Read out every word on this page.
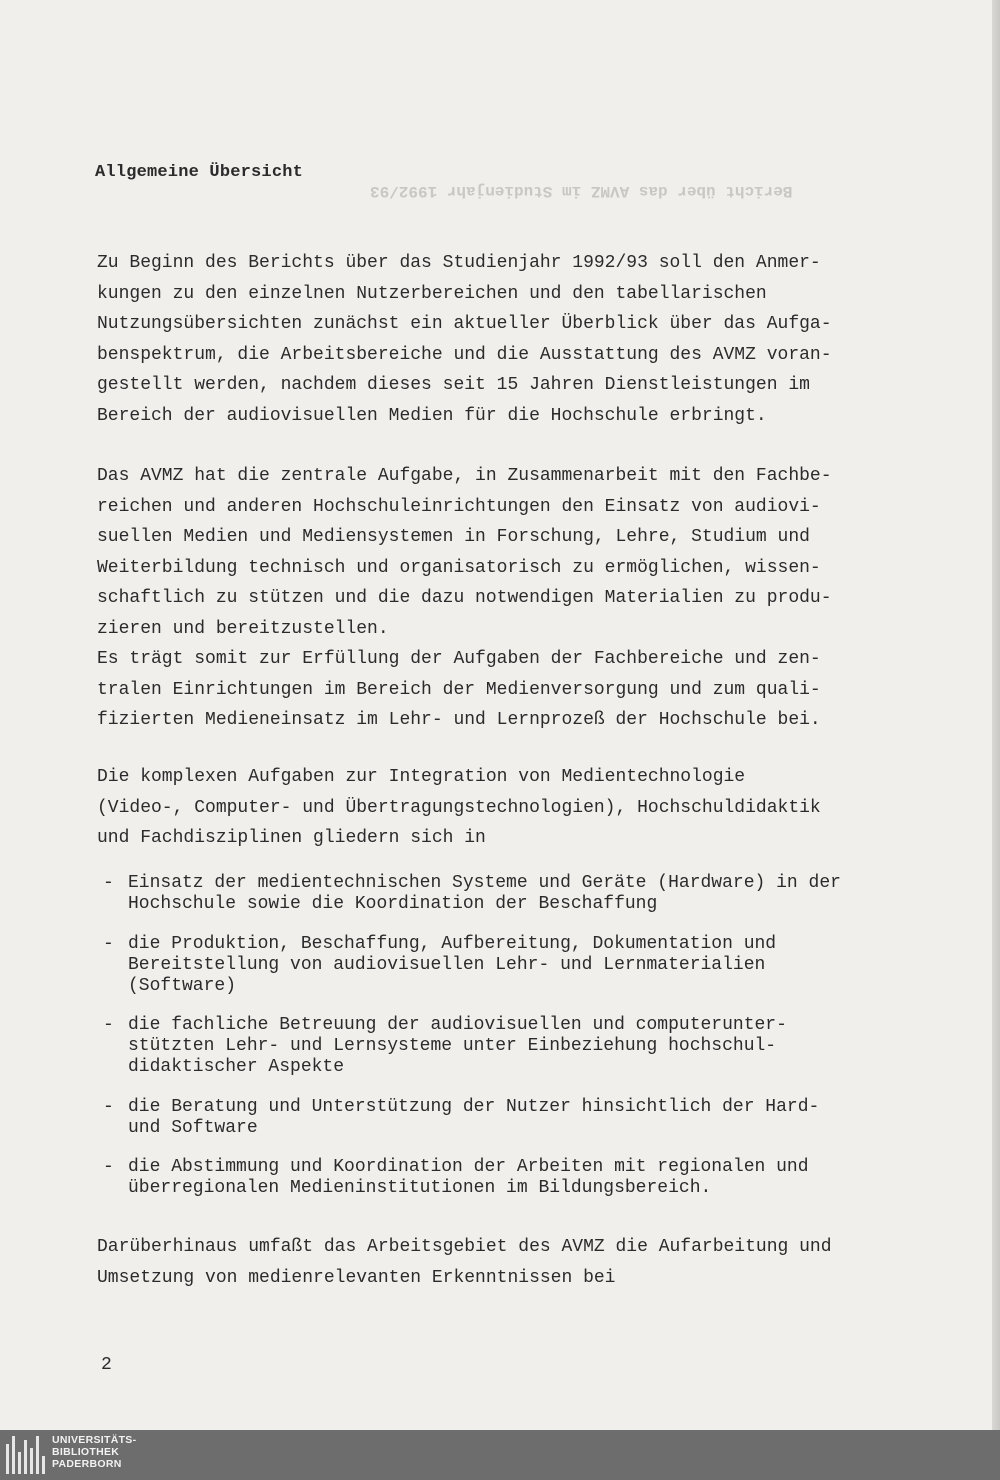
Bericht über das AVMZ im Studienjahr 1992/93
Allgemeine Übersicht

Zu Beginn des Berichts über das Studienjahr 1992/93 soll den Anmer-
kungen zu den einzelnen Nutzerbereichen und den tabellarischen
Nutzungsübersichten zunächst ein aktueller Überblick über das Aufga-
benspektrum, die Arbeitsbereiche und die Ausstattung des AVMZ voran-
gestellt werden, nachdem dieses seit 15 Jahren Dienstleistungen im
Bereich der audiovisuellen Medien für die Hochschule erbringt.

Das AVMZ hat die zentrale Aufgabe, in Zusammenarbeit mit den Fachbe-
reichen und anderen Hochschuleinrichtungen den Einsatz von audiovi-
suellen Medien und Mediensystemen in Forschung, Lehre, Studium und
Weiterbildung technisch und organisatorisch zu ermöglichen, wissen-
schaftlich zu stützen und die dazu notwendigen Materialien zu produ-
zieren und bereitzustellen.
Es trägt somit zur Erfüllung der Aufgaben der Fachbereiche und zen-
tralen Einrichtungen im Bereich der Medienversorgung und zum quali-
fizierten Medieneinsatz im Lehr- und Lernprozeß der Hochschule bei.

Die komplexen Aufgaben zur Integration von Medientechnologie
(Video-, Computer- und Übertragungstechnologien), Hochschuldidaktik
und Fachdisziplinen gliedern sich in

- Einsatz der medientechnischen Systeme und Geräte (Hardware) in der
Hochschule sowie die Koordination der Beschaffung
- die Produktion, Beschaffung, Aufbereitung, Dokumentation und
Bereitstellung von audiovisuellen Lehr- und Lernmaterialien
(Software)
- die fachliche Betreuung der audiovisuellen und computerunter-
stützten Lehr- und Lernsysteme unter Einbeziehung hochschul-
didaktischer Aspekte
- die Beratung und Unterstützung der Nutzer hinsichtlich der Hard-
und Software
- die Abstimmung und Koordination der Arbeiten mit regionalen und
überregionalen Medieninstitutionen im Bildungsbereich.

Darüberhinaus umfaßt das Arbeitsgebiet des AVMZ die Aufarbeitung und
Umsetzung von medienrelevanten Erkenntnissen bei

2
UNIVERSITÄTS-
BIBLIOTHEK
PADERBORN
